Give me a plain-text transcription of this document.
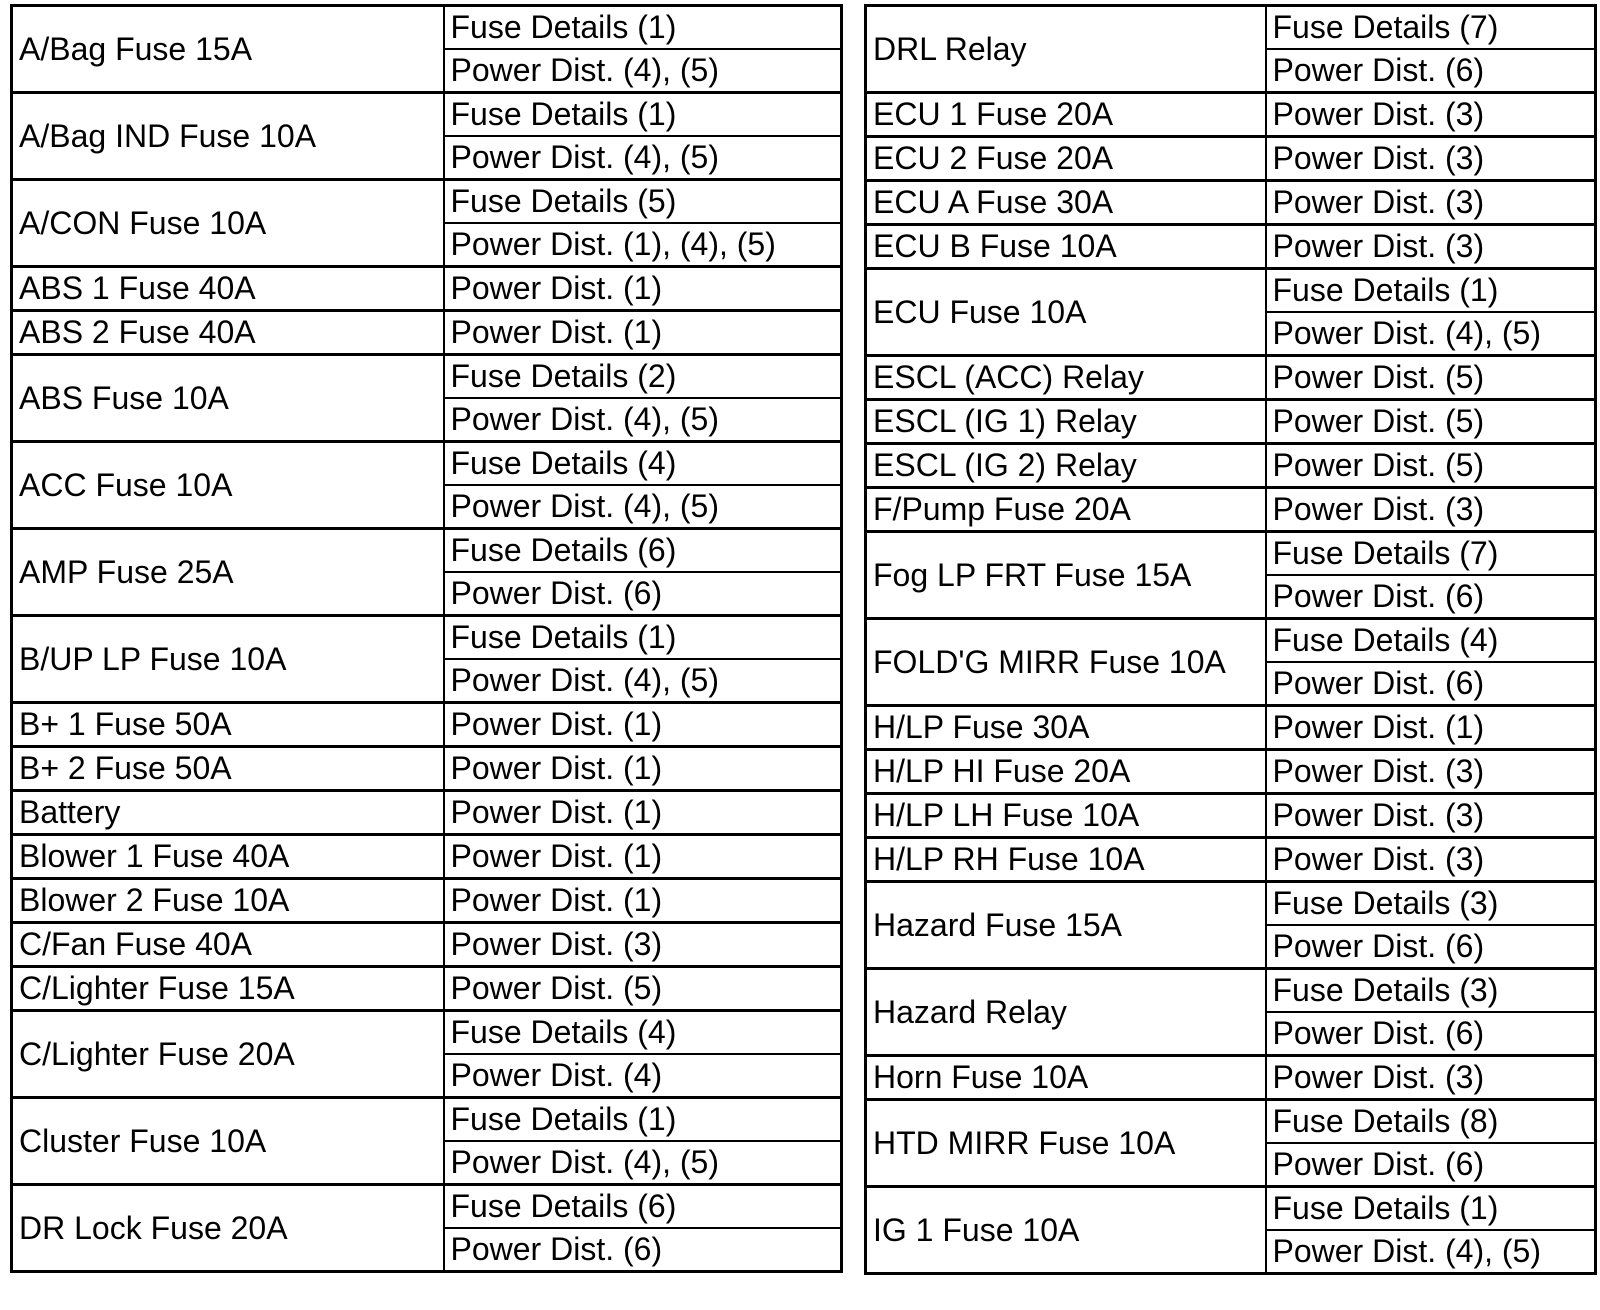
A/Bag Fuse 15A	Fuse Details (1)
	Power Dist. (4), (5)
A/Bag IND Fuse 10A	Fuse Details (1)
	Power Dist. (4), (5)
A/CON Fuse 10A	Fuse Details (5)
	Power Dist. (1), (4), (5)
ABS 1 Fuse 40A	Power Dist. (1)
ABS 2 Fuse 40A	Power Dist. (1)
ABS Fuse 10A	Fuse Details (2)
	Power Dist. (4), (5)
ACC Fuse 10A	Fuse Details (4)
	Power Dist. (4), (5)
AMP Fuse 25A	Fuse Details (6)
	Power Dist. (6)
B/UP LP Fuse 10A	Fuse Details (1)
	Power Dist. (4), (5)
B+ 1 Fuse 50A	Power Dist. (1)
B+ 2 Fuse 50A	Power Dist. (1)
Battery	Power Dist. (1)
Blower 1 Fuse 40A	Power Dist. (1)
Blower 2 Fuse 10A	Power Dist. (1)
C/Fan Fuse 40A	Power Dist. (3)
C/Lighter Fuse 15A	Power Dist. (5)
C/Lighter Fuse 20A	Fuse Details (4)
	Power Dist. (4)
Cluster Fuse 10A	Fuse Details (1)
	Power Dist. (4), (5)
DR Lock Fuse 20A	Fuse Details (6)
	Power Dist. (6)
DRL Relay	Fuse Details (7)
	Power Dist. (6)
ECU 1 Fuse 20A	Power Dist. (3)
ECU 2 Fuse 20A	Power Dist. (3)
ECU A Fuse 30A	Power Dist. (3)
ECU B Fuse 10A	Power Dist. (3)
ECU Fuse 10A	Fuse Details (1)
	Power Dist. (4), (5)
ESCL (ACC) Relay	Power Dist. (5)
ESCL (IG 1) Relay	Power Dist. (5)
ESCL (IG 2) Relay	Power Dist. (5)
F/Pump Fuse 20A	Power Dist. (3)
Fog LP FRT Fuse 15A	Fuse Details (7)
	Power Dist. (6)
FOLD'G MIRR Fuse 10A	Fuse Details (4)
	Power Dist. (6)
H/LP Fuse 30A	Power Dist. (1)
H/LP HI Fuse 20A	Power Dist. (3)
H/LP LH Fuse 10A	Power Dist. (3)
H/LP RH Fuse 10A	Power Dist. (3)
Hazard Fuse 15A	Fuse Details (3)
	Power Dist. (6)
Hazard Relay	Fuse Details (3)
	Power Dist. (6)
Horn Fuse 10A	Power Dist. (3)
HTD MIRR Fuse 10A	Fuse Details (8)
	Power Dist. (6)
IG 1 Fuse 10A	Fuse Details (1)
	Power Dist. (4), (5)
